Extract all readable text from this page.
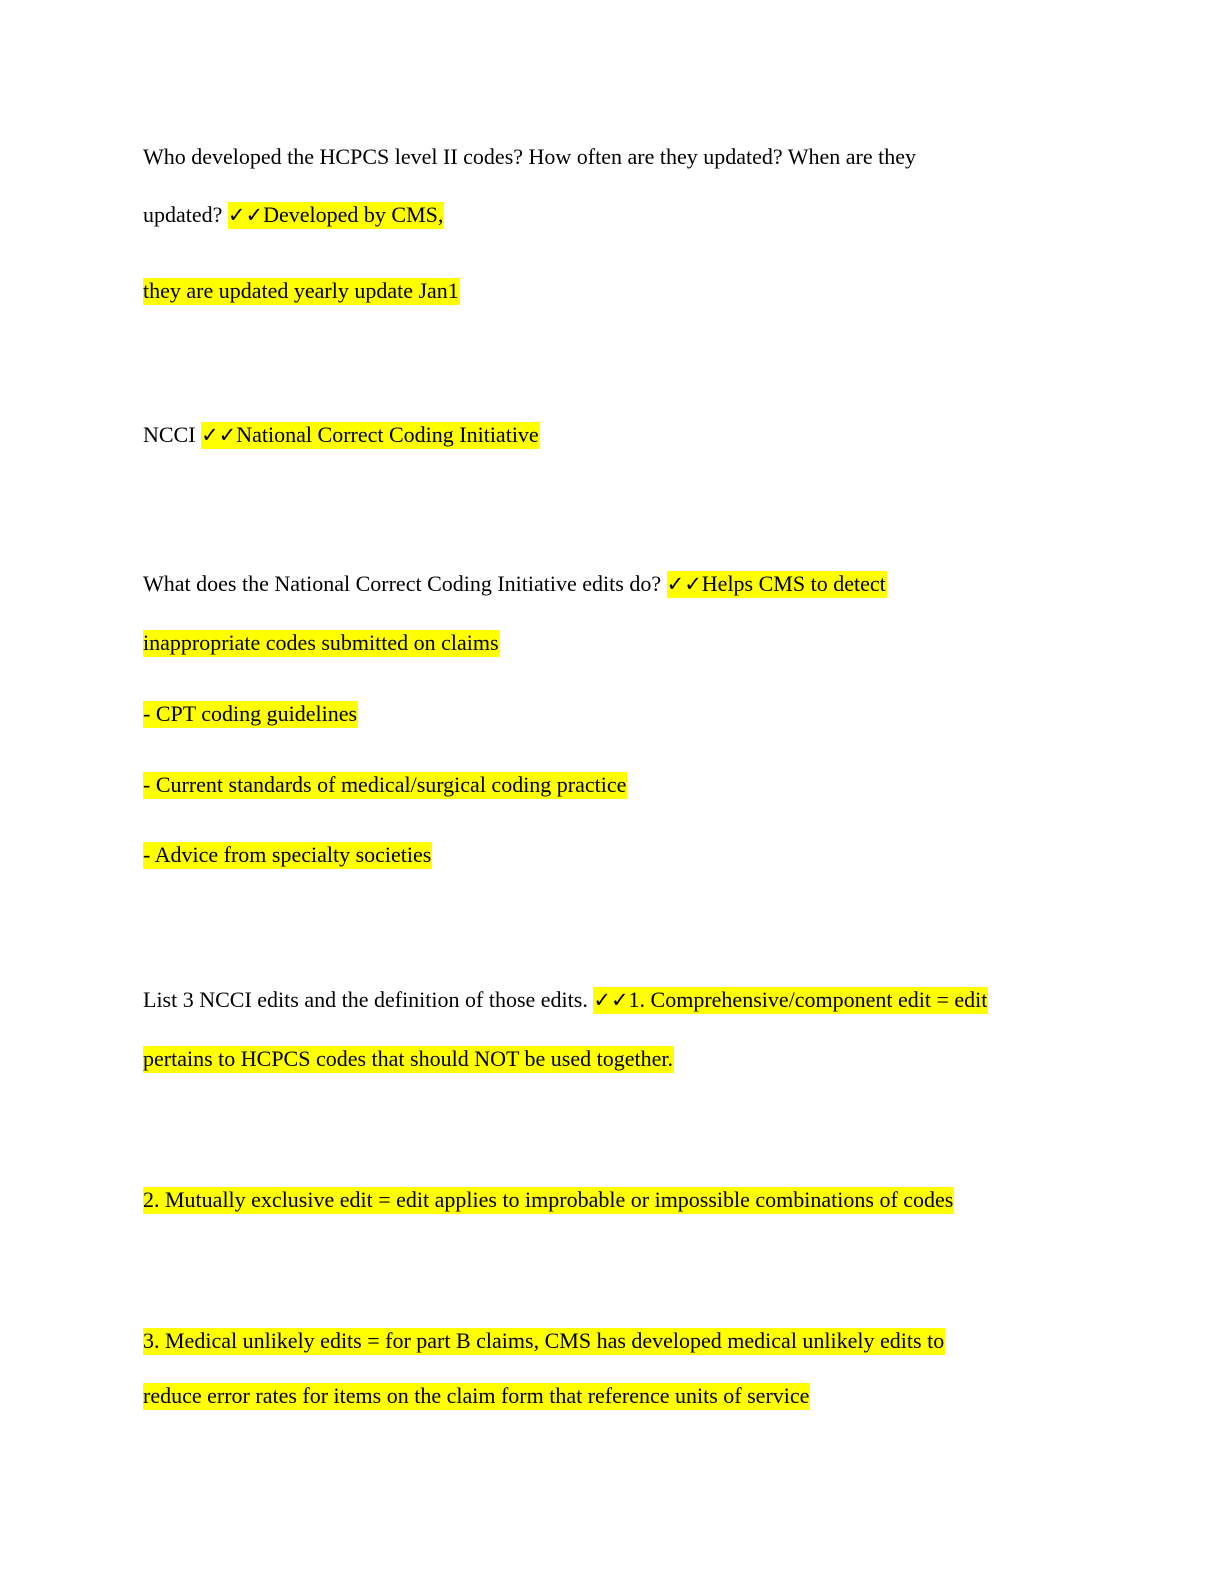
Who developed the HCPCS level II codes? How often are they updated? When are they
updated? ✓✓Developed by CMS,
they are updated yearly update Jan1
NCCI ✓✓National Correct Coding Initiative
What does the National Correct Coding Initiative edits do? ✓✓Helps CMS to detect
inappropriate codes submitted on claims
- CPT coding guidelines
- Current standards of medical/surgical coding practice
- Advice from specialty societies
List 3 NCCI edits and the definition of those edits. ✓✓1. Comprehensive/component edit = edit
pertains to HCPCS codes that should NOT be used together.
2. Mutually exclusive edit = edit applies to improbable or impossible combinations of codes
3. Medical unlikely edits = for part B claims, CMS has developed medical unlikely edits to
reduce error rates for items on the claim form that reference units of service
